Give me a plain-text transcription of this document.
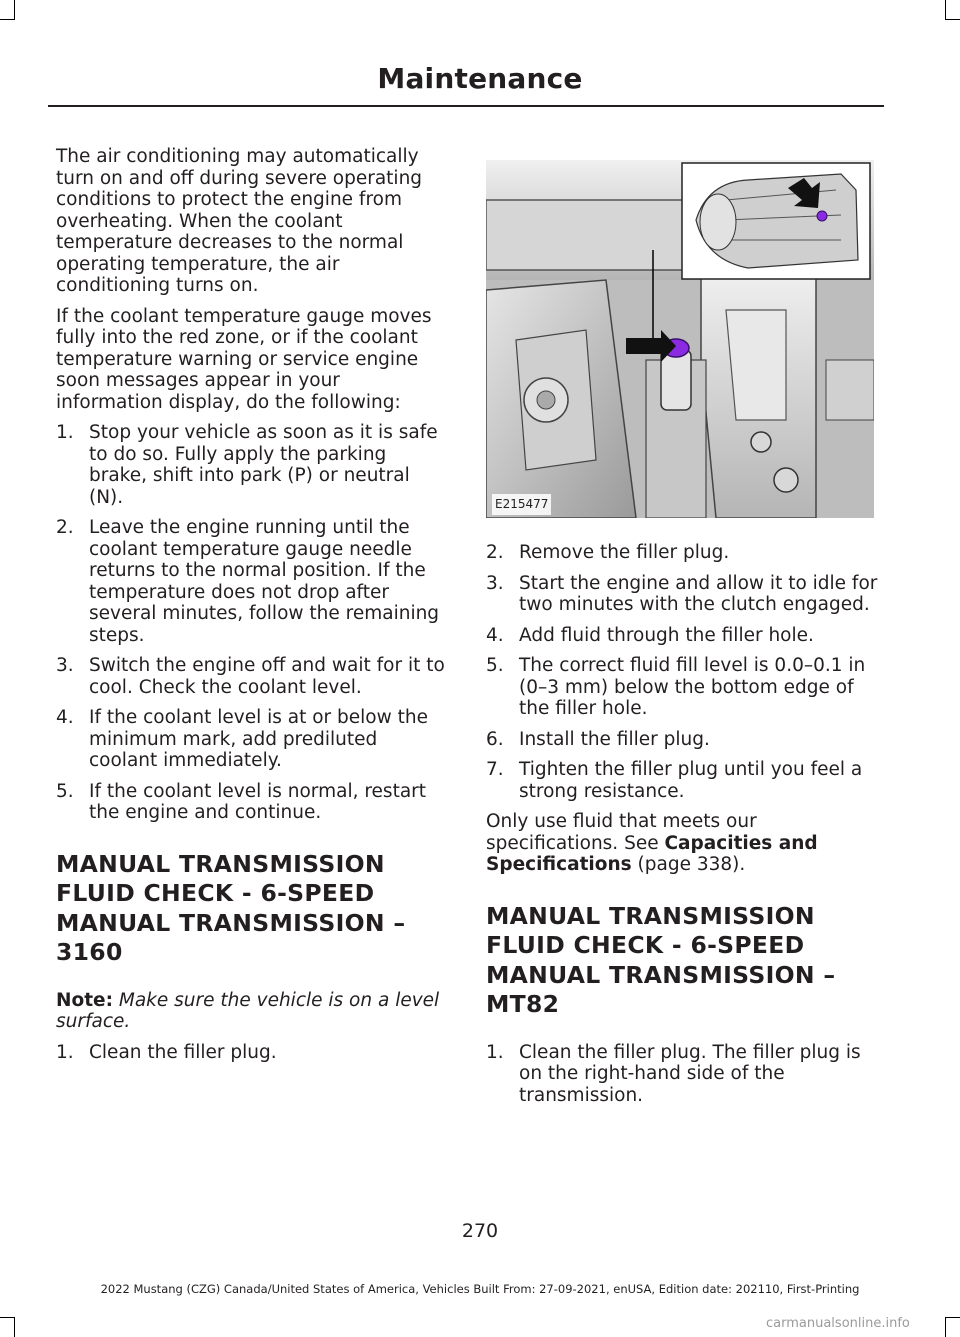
Maintenance

The air conditioning may automatically turn on and off during severe operating conditions to protect the engine from overheating. When the coolant temperature decreases to the normal operating temperature, the air conditioning turns on.

If the coolant temperature gauge moves fully into the red zone, or if the coolant temperature warning or service engine soon messages appear in your information display, do the following:

1. Stop your vehicle as soon as it is safe to do so. Fully apply the parking brake, shift into park (P) or neutral (N).
2. Leave the engine running until the coolant temperature gauge needle returns to the normal position. If the temperature does not drop after several minutes, follow the remaining steps.
3. Switch the engine off and wait for it to cool. Check the coolant level.
4. If the coolant level is at or below the minimum mark, add prediluted coolant immediately.
5. If the coolant level is normal, restart the engine and continue.
MANUAL TRANSMISSION
FLUID CHECK - 6-SPEED
MANUAL TRANSMISSION –
3160

Note: Make sure the vehicle is on a level surface.

1. Clean the filler plug.
E215477
2. Remove the filler plug.
3. Start the engine and allow it to idle for two minutes with the clutch engaged.
4. Add fluid through the filler hole.
5. The correct fluid fill level is 0.0–0.1 in (0–3 mm) below the bottom edge of the filler hole.
6. Install the filler plug.
7. Tighten the filler plug until you feel a strong resistance.

Only use fluid that meets our specifications. See Capacities and Specifications (page 338).

MANUAL TRANSMISSION
FLUID CHECK - 6-SPEED
MANUAL TRANSMISSION –
MT82
1. Clean the filler plug. The filler plug is on the right-hand side of the transmission.
270
2022 Mustang (CZG) Canada/United States of America, Vehicles Built From: 27-09-2021, enUSA, Edition date: 202110, First-Printing
carmanualsonline.info
